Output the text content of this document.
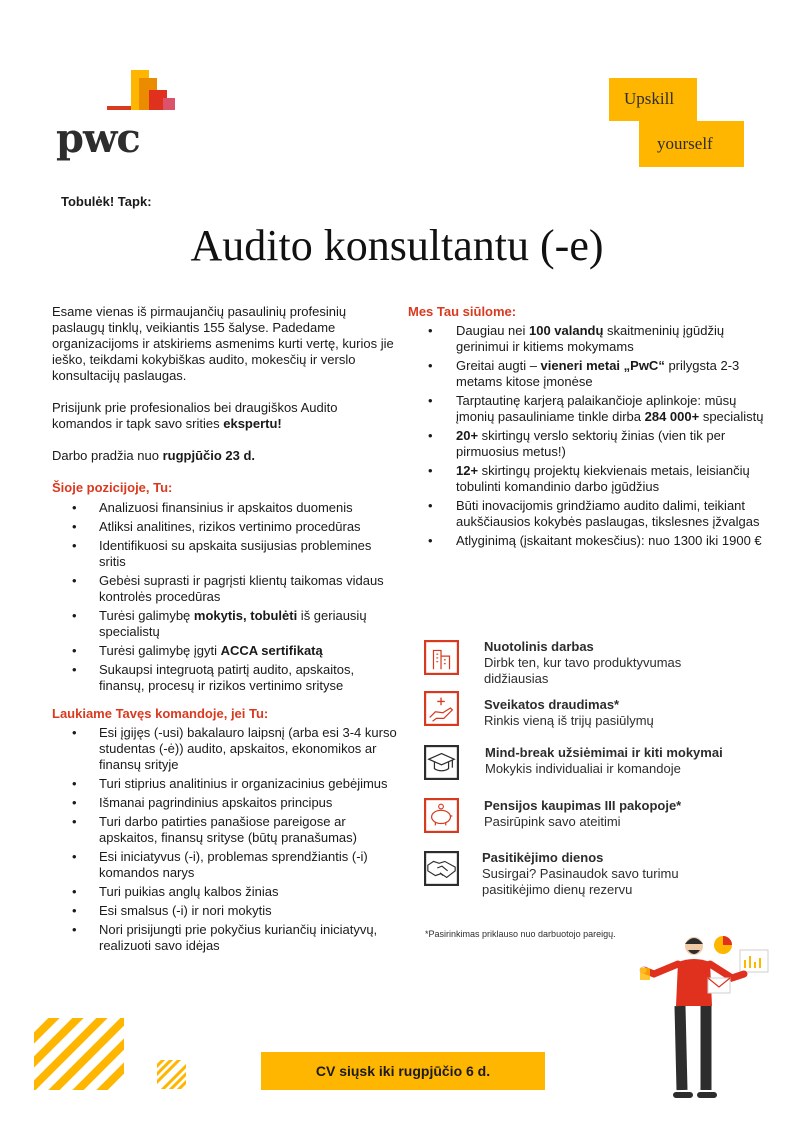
pwc
Upskill
yourself
Tobulėk! Tapk:
Audito konsultantu (-e)

Esame vienas iš pirmaujančių pasaulinių profesinių paslaugų tinklų, veikiantis 155 šalyse. Padedame organizacijoms ir atskiriems asmenims kurti vertę, kurios jie ieško, teikdami kokybiškas audito, mokesčių ir verslo konsultacijų paslaugas.

Prisijunk prie profesionalios bei draugiškos Audito komandos ir tapk savo srities ekspertu!

Darbo pradžia nuo rugpjūčio 23 d.

Šioje pozicijoje, Tu:
• Analizuosi finansinius ir apskaitos duomenis
• Atliksi analitines, rizikos vertinimo procedūras
• Identifikuosi su apskaita susijusias problemines sritis
• Gebėsi suprasti ir pagrįsti klientų taikomas vidaus kontrolės procedūras
• Turėsi galimybę mokytis, tobulėti iš geriausių specialistų
• Turėsi galimybę įgyti ACCA sertifikatą
• Sukaupsi integruotą patirtį audito, apskaitos, finansų, procesų ir rizikos vertinimo srityse
Laukiame Tavęs komandoje, jei Tu:
• Esi įgijęs (-usi) bakalauro laipsnį (arba esi 3-4 kurso studentas (-ė)) audito, apskaitos, ekonomikos ar finansų srityje
• Turi stiprius analitinius ir organizacinius gebėjimus
• Išmanai pagrindinius apskaitos principus
• Turi darbo patirties panašiose pareigose ar apskaitos, finansų srityse (būtų pranašumas)
• Esi iniciatyvus (-i), problemas sprendžiantis (-i) komandos narys
• Turi puikias anglų kalbos žinias
• Esi smalsus (-i) ir nori mokytis
• Nori prisijungti prie pokyčius kuriančių iniciatyvų, realizuoti savo idėjas
Mes Tau siūlome:
• Daugiau nei 100 valandų skaitmeninių įgūdžių gerinimui ir kitiems mokymams
• Greitai augti – vieneri metai „PwC“ prilygsta 2-3 metams kitose įmonėse
• Tarptautinę karjerą palaikančioje aplinkoje: mūsų įmonių pasauliniame tinkle dirba 284 000+ specialistų
• 20+ skirtingų verslo sektorių žinias (vien tik per pirmuosius metus!)
• 12+ skirtingų projektų kiekvienais metais, leisiančių tobulinti komandinio darbo įgūdžius
• Būti inovacijomis grindžiamo audito dalimi, teikiant aukščiausios kokybės paslaugas, tikslesnes įžvalgas
• Atlyginimą (įskaitant mokesčius): nuo 1300 iki 1900 €
Nuotolinis darbas
Dirbk ten, kur tavo produktyvumas didžiausias
Sveikatos draudimas*
Rinkis vieną iš trijų pasiūlymų
Mind-break užsiėmimai ir kiti mokymai
Mokykis individualiai ir komandoje
Pensijos kaupimas III pakopoje*
Pasirūpink savo ateitimi
Pasitikėjimo dienos
Susirgai? Pasinaudok savo turimu pasitikėjimo dienų rezervu
*Pasirinkimas priklauso nuo darbuotojo pareigų.
CV siųsk iki rugpjūčio 6 d.
